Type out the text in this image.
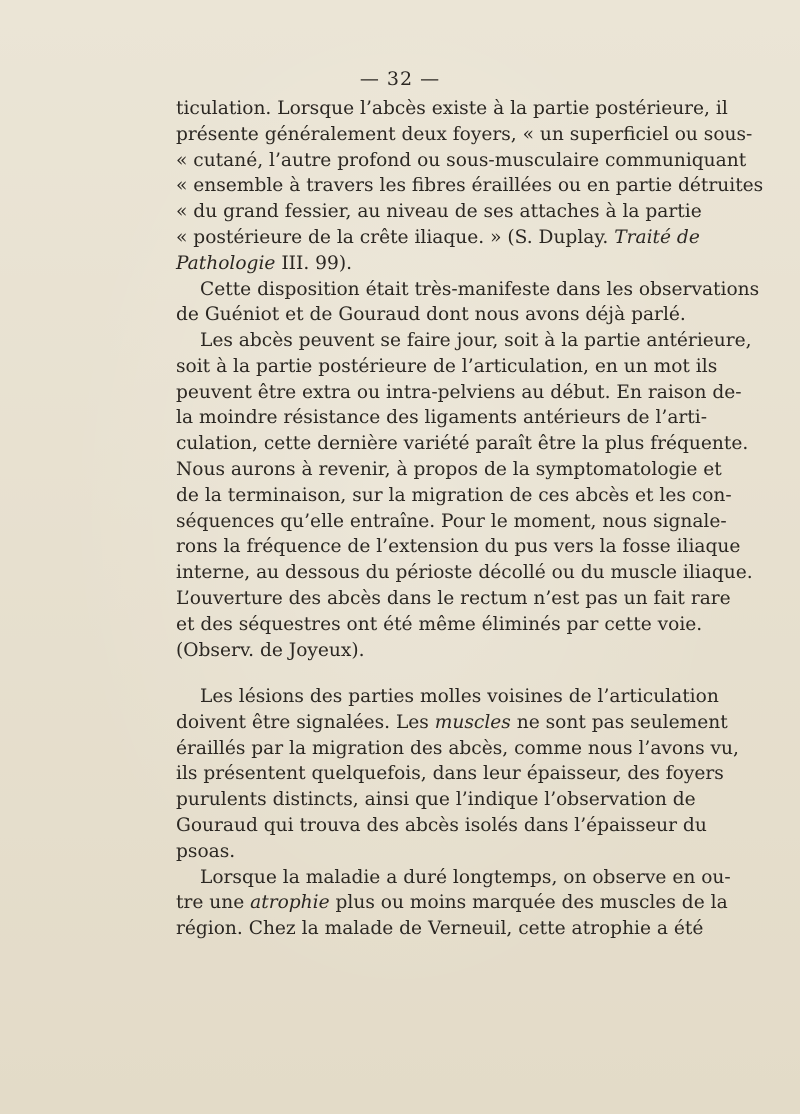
— 32 —
ticulation. Lorsque l’abcès existe à la partie postérieure, il
présente généralement deux foyers, « un superficiel ou sous-
« cutané, l’autre profond ou sous-musculaire communiquant
« ensemble à travers les fibres éraillées ou en partie détruites
« du grand fessier, au niveau de ses attaches à la partie
« postérieure de la crête iliaque. » (S. Duplay. Traité de
Pathologie III. 99).
Cette disposition était très-manifeste dans les observations
de Guéniot et de Gouraud dont nous avons déjà parlé.
Les abcès peuvent se faire jour, soit à la partie antérieure,
soit à la partie postérieure de l’articulation, en un mot ils
peuvent être extra ou intra-pelviens au début. En raison de-
la moindre résistance des ligaments antérieurs de l’arti-
culation, cette dernière variété paraît être la plus fréquente.
Nous aurons à revenir, à propos de la symptomatologie et
de la terminaison, sur la migration de ces abcès et les con-
séquences qu’elle entraîne. Pour le moment, nous signale-
rons la fréquence de l’extension du pus vers la fosse iliaque
interne, au dessous du périoste décollé ou du muscle iliaque.
L’ouverture des abcès dans le rectum n’est pas un fait rare
et des séquestres ont été même éliminés par cette voie.
(Observ. de Joyeux).
Les lésions des parties molles voisines de l’articulation
doivent être signalées. Les muscles ne sont pas seulement
éraillés par la migration des abcès, comme nous l’avons vu,
ils présentent quelquefois, dans leur épaisseur, des foyers
purulents distincts, ainsi que l’indique l’observation de
Gouraud qui trouva des abcès isolés dans l’épaisseur du
psoas.
Lorsque la maladie a duré longtemps, on observe en ou-
tre une atrophie plus ou moins marquée des muscles de la
région. Chez la malade de Verneuil, cette atrophie a été
